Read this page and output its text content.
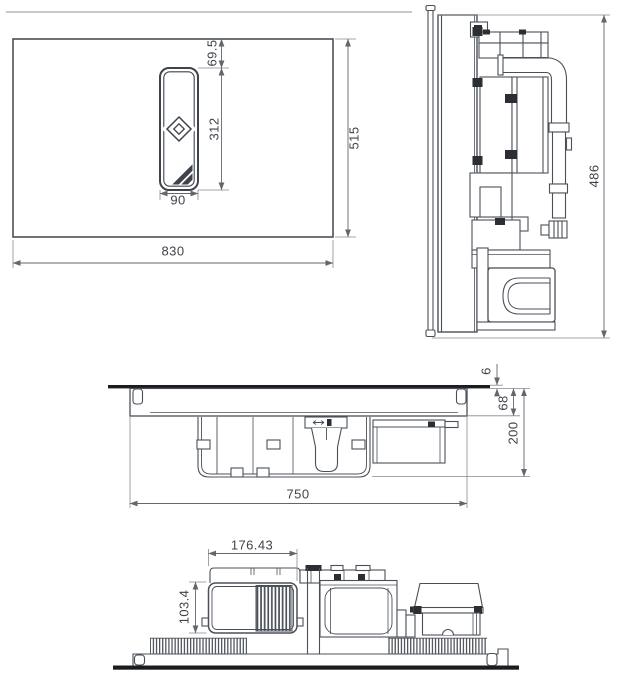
69.5
312
90
515
830
486
6
68
200
750
176.43
103.4
